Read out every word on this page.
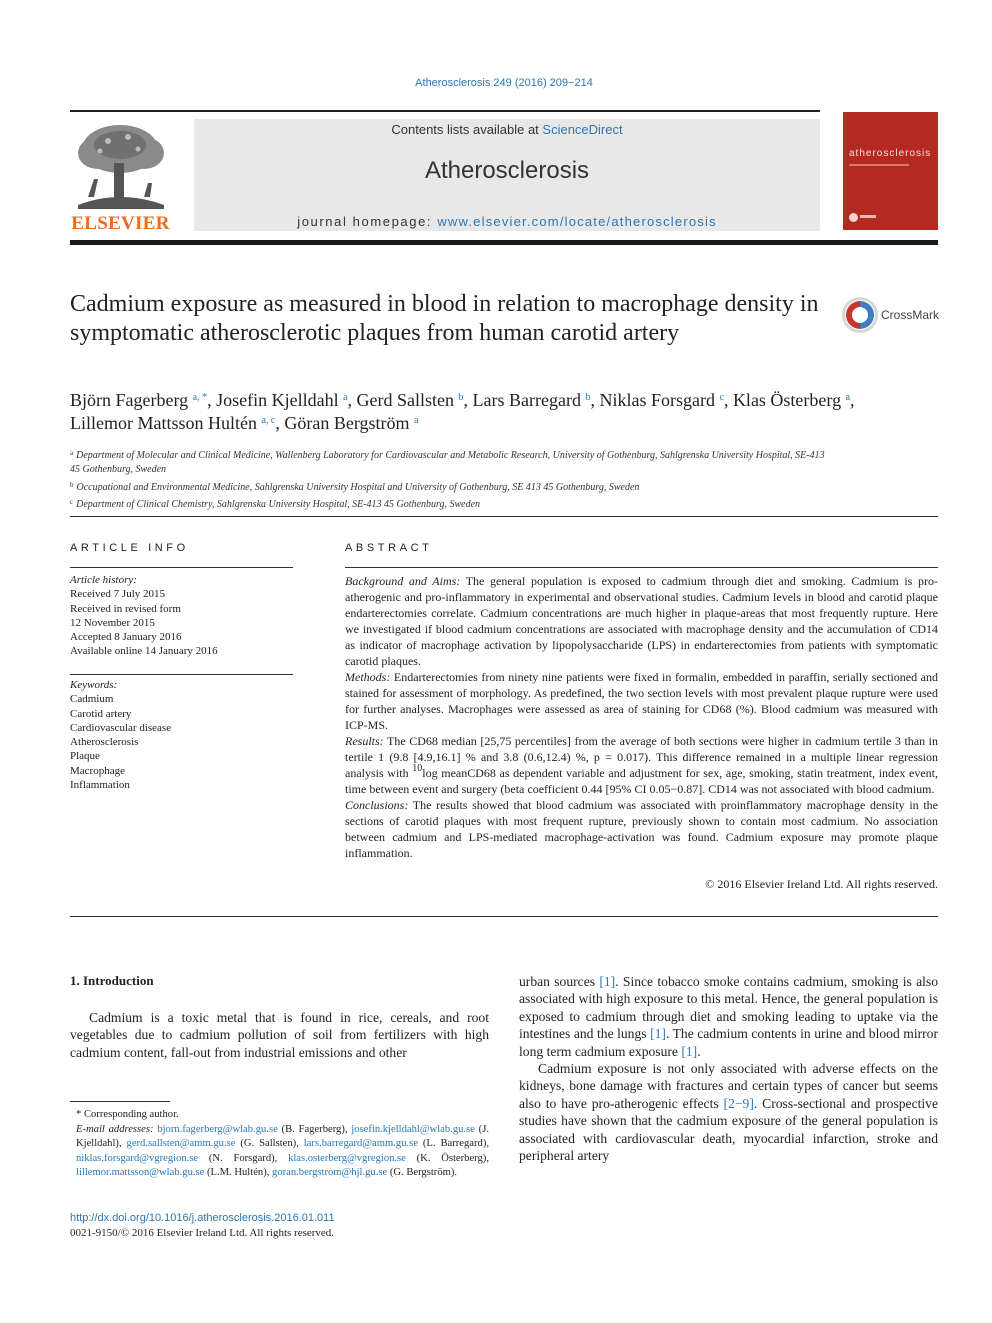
Atherosclerosis 249 (2016) 209−214
ELSEVIER
Contents lists available at ScienceDirect
Atherosclerosis
journal homepage: www.elsevier.com/locate/atherosclerosis
atherosclerosis
Cadmium exposure as measured in blood in relation to macrophage density in symptomatic atherosclerotic plaques from human carotid artery
CrossMark
Björn Fagerberg $^{a, *}$, Josefin Kjelldahl $^a$, Gerd Sallsten $^b$, Lars Barregard $^b$, Niklas Forsgard $^c$, Klas Österberg $^a$, Lillemor Mattsson Hultén $^{a, c}$, Göran Bergström $^a$
$^a$ Department of Molecular and Clinical Medicine, Wallenberg Laboratory for Cardiovascular and Metabolic Research, University of Gothenburg, Sahlgrenska University Hospital, SE-413 45 Gothenburg, Sweden
$^b$ Occupational and Environmental Medicine, Sahlgrenska University Hospital and University of Gothenburg, SE 413 45 Gothenburg, Sweden
$^c$ Department of Clinical Chemistry, Sahlgrenska University Hospital, SE-413 45 Gothenburg, Sweden
ARTICLE INFO
Article history:
Received 7 July 2015
Received in revised form
12 November 2015
Accepted 8 January 2016
Available online 14 January 2016
Keywords:
Cadmium
Carotid artery
Cardiovascular disease
Atherosclerosis
Plaque
Macrophage
Inflammation
ABSTRACT

Background and Aims: The general population is exposed to cadmium through diet and smoking. Cadmium is pro-atherogenic and pro-inflammatory in experimental and observational studies. Cadmium levels in blood and carotid plaque endarterectomies correlate. Cadmium concentrations are much higher in plaque-areas that most frequently rupture. Here we investigated if blood cadmium concentrations are associated with macrophage density and the accumulation of CD14 as indicator of macrophage activation by lipopolysaccharide (LPS) in endarterectomies from patients with symptomatic carotid plaques.

Methods: Endarterectomies from ninety nine patients were fixed in formalin, embedded in paraffin, serially sectioned and stained for assessment of morphology. As predefined, the two section levels with most prevalent plaque rupture were used for further analyses. Macrophages were assessed as area of staining for CD68 (%). Blood cadmium was measured with ICP-MS.

Results: The CD68 median [25,75 percentiles] from the average of both sections were higher in cadmium tertile 3 than in tertile 1 (9.8 [4.9,16.1] % and 3.8 (0.6,12.4) %, p = 0.017). This difference remained in a multiple linear regression analysis with $^{10}$log meanCD68 as dependent variable and adjustment for sex, age, smoking, statin treatment, index event, time between event and surgery (beta coefficient 0.44 [95% CI 0.05−0.87]. CD14 was not associated with blood cadmium.

Conclusions: The results showed that blood cadmium was associated with proinflammatory macrophage density in the sections of carotid plaques with most frequent rupture, previously shown to contain most cadmium. No association between cadmium and LPS-mediated macrophage-activation was found. Cadmium exposure may promote plaque inflammation.

© 2016 Elsevier Ireland Ltd. All rights reserved.
1. Introduction

Cadmium is a toxic metal that is found in rice, cereals, and root vegetables due to cadmium pollution of soil from fertilizers with high cadmium content, fall-out from industrial emissions and other

urban sources [1]. Since tobacco smoke contains cadmium, smoking is also associated with high exposure to this metal. Hence, the general population is exposed to cadmium through diet and smoking leading to uptake via the intestines and the lungs [1]. The cadmium contents in urine and blood mirror long term cadmium exposure [1].

Cadmium exposure is not only associated with adverse effects on the kidneys, bone damage with fractures and certain types of cancer but seems also to have pro-atherogenic effects [2−9]. Cross-sectional and prospective studies have shown that the cadmium exposure of the general population is associated with cardiovascular death, myocardial infarction, stroke and peripheral artery

* Corresponding author.
E-mail addresses: bjorn.fagerberg@wlab.gu.se (B. Fagerberg), josefin.kjelldahl@wlab.gu.se (J. Kjelldahl), gerd.sallsten@amm.gu.se (G. Sallsten), lars.barregard@amm.gu.se (L. Barregard), niklas.forsgard@vgregion.se (N. Forsgard), klas.osterberg@vgregion.se (K. Österberg), lillemor.mattsson@wlab.gu.se (L.M. Hultén), goran.bergstrom@hjl.gu.se (G. Bergström).
http://dx.doi.org/10.1016/j.atherosclerosis.2016.01.011
0021-9150/© 2016 Elsevier Ireland Ltd. All rights reserved.
